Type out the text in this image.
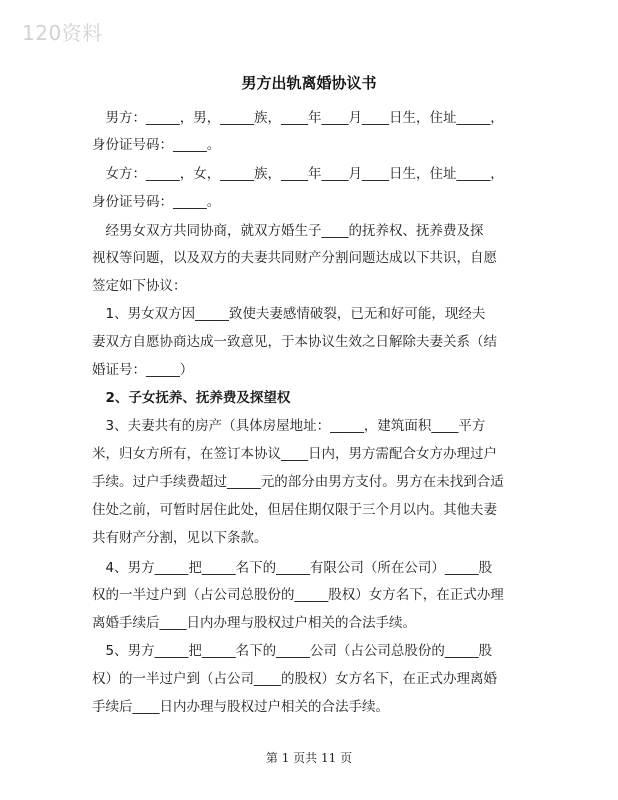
120资料
男方出轨离婚协议书
　男方：_____，男，_____族，____年____月____日生，住址_____，
身份证号码：_____。
　女方：_____，女，_____族，____年____月____日生，住址_____，
身份证号码：_____。
　经男女双方共同协商，就双方婚生子____的抚养权、抚养费及探
视权等问题，以及双方的夫妻共同财产分割问题达成以下共识，自愿
签定如下协议：
　1、男女双方因_____致使夫妻感情破裂，已无和好可能，现经夫
妻双方自愿协商达成一致意见，于本协议生效之日解除夫妻关系（结
婚证号：_____）
　2、子女抚养、抚养费及探望权
　3、夫妻共有的房产（具体房屋地址：_____，建筑面积____平方
米，归女方所有，在签订本协议____日内，男方需配合女方办理过户
手续。过户手续费超过_____元的部分由男方支付。男方在未找到合适
住处之前，可暂时居住此处，但居住期仅限于三个月以内。其他夫妻
共有财产分割，见以下条款。
　4、男方_____把_____名下的_____有限公司（所在公司）_____股
权的一半过户到（占公司总股份的_____股权）女方名下，在正式办理
离婚手续后____日内办理与股权过户相关的合法手续。
　5、男方_____把_____名下的_____公司（占公司总股份的_____股
权）的一半过户到（占公司____的股权）女方名下，在正式办理离婚
手续后____日内办理与股权过户相关的合法手续。
第 1 页共 11 页
